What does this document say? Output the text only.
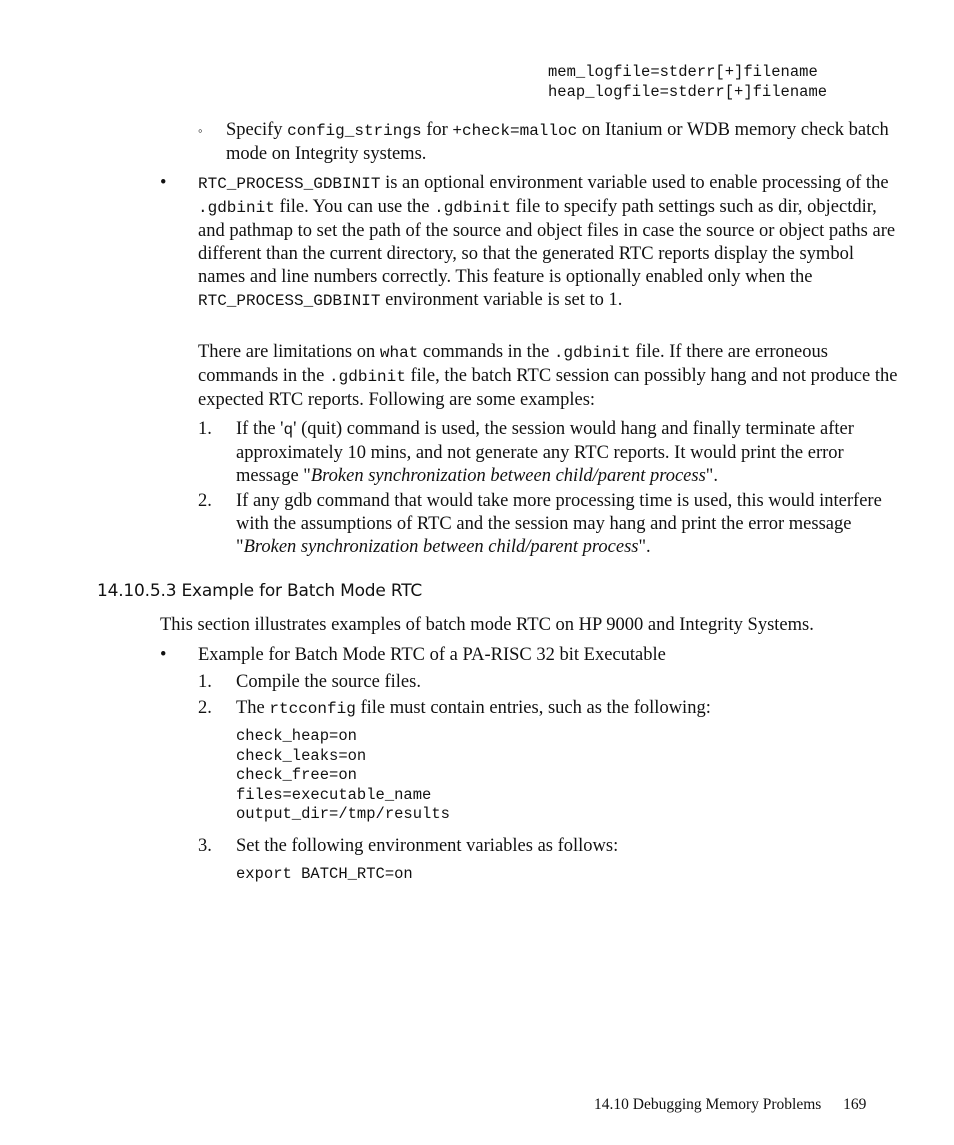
mem_logfile=stderr[+]filename
heap_logfile=stderr[+]filename
◦ Specify config_strings for +check=malloc on Itanium or WDB memory check batch mode on Integrity systems.

• RTC_PROCESS_GDBINIT is an optional environment variable used to enable processing of the .gdbinit file. You can use the .gdbinit file to specify path settings such as dir, objectdir, and pathmap to set the path of the source and object files in case the source or object paths are different than the current directory, so that the generated RTC reports display the symbol names and line numbers correctly. This feature is optionally enabled only when the RTC_PROCESS_GDBINIT environment variable is set to 1.

There are limitations on what commands in the .gdbinit file. If there are erroneous commands in the .gdbinit file, the batch RTC session can possibly hang and not produce the expected RTC reports. Following are some examples:

1. If the 'q' (quit) command is used, the session would hang and finally terminate after approximately 10 mins, and not generate any RTC reports. It would print the error message "Broken synchronization between child/parent process".

2. If any gdb command that would take more processing time is used, this would interfere with the assumptions of RTC and the session may hang and print the error message "Broken synchronization between child/parent process".

14.10.5.3 Example for Batch Mode RTC

This section illustrates examples of batch mode RTC on HP 9000 and Integrity Systems.

• Example for Batch Mode RTC of a PA-RISC 32 bit Executable

1. Compile the source files.

2. The rtcconfig file must contain entries, such as the following:

check_heap=on
check_leaks=on
check_free=on
files=executable_name
output_dir=/tmp/results
3. Set the following environment variables as follows:

export BATCH_RTC=on
14.10 Debugging Memory Problems 169
